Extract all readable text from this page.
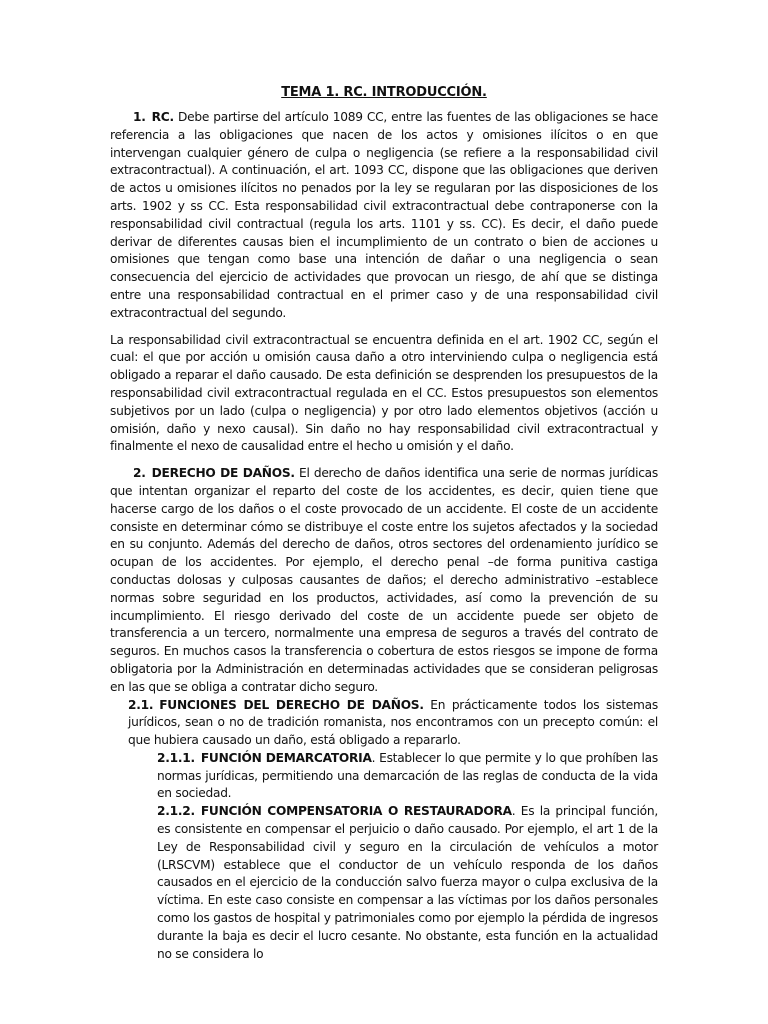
TEMA 1. RC. INTRODUCCIÓN.
1. RC. Debe partirse del artículo 1089 CC, entre las fuentes de las obligaciones se hace referencia a las obligaciones que nacen de los actos y omisiones ilícitos o en que intervengan cualquier género de culpa o negligencia (se refiere a la responsabilidad civil extracontractual). A continuación, el art. 1093 CC, dispone que las obligaciones que deriven de actos u omisiones ilícitos no penados por la ley se regularan por las disposiciones de los arts. 1902 y ss CC. Esta responsabilidad civil extracontractual debe contraponerse con la responsabilidad civil contractual (regula los arts. 1101 y ss. CC). Es decir, el daño puede derivar de diferentes causas bien el incumplimiento de un contrato o bien de acciones u omisiones que tengan como base una intención de dañar o una negligencia o sean consecuencia del ejercicio de actividades que provocan un riesgo, de ahí que se distinga entre una responsabilidad contractual en el primer caso y de una responsabilidad civil extracontractual del segundo.
La responsabilidad civil extracontractual se encuentra definida en el art. 1902 CC, según el cual: el que por acción u omisión causa daño a otro interviniendo culpa o negligencia está obligado a reparar el daño causado. De esta definición se desprenden los presupuestos de la responsabilidad civil extracontractual regulada en el CC. Estos presupuestos son elementos subjetivos por un lado (culpa o negligencia) y por otro lado elementos objetivos (acción u omisión, daño y nexo causal). Sin daño no hay responsabilidad civil extracontractual y finalmente el nexo de causalidad entre el hecho u omisión y el daño.
2. DERECHO DE DAÑOS. El derecho de daños identifica una serie de normas jurídicas que intentan organizar el reparto del coste de los accidentes, es decir, quien tiene que hacerse cargo de los daños o el coste provocado de un accidente. El coste de un accidente consiste en determinar cómo se distribuye el coste entre los sujetos afectados y la sociedad en su conjunto. Además del derecho de daños, otros sectores del ordenamiento jurídico se ocupan de los accidentes. Por ejemplo, el derecho penal –de forma punitiva castiga conductas dolosas y culposas causantes de daños; el derecho administrativo –establece normas sobre seguridad en los productos, actividades, así como la prevención de su incumplimiento. El riesgo derivado del coste de un accidente puede ser objeto de transferencia a un tercero, normalmente una empresa de seguros a través del contrato de seguros. En muchos casos la transferencia o cobertura de estos riesgos se impone de forma obligatoria por la Administración en determinadas actividades que se consideran peligrosas en las que se obliga a contratar dicho seguro.
2.1. FUNCIONES DEL DERECHO DE DAÑOS. En prácticamente todos los sistemas jurídicos, sean o no de tradición romanista, nos encontramos con un precepto común: el que hubiera causado un daño, está obligado a repararlo.
2.1.1. FUNCIÓN DEMARCATORIA. Establecer lo que permite y lo que prohíben las normas jurídicas, permitiendo una demarcación de las reglas de conducta de la vida en sociedad.
2.1.2. FUNCIÓN COMPENSATORIA O RESTAURADORA. Es la principal función, es consistente en compensar el perjuicio o daño causado. Por ejemplo, el art 1 de la Ley de Responsabilidad civil y seguro en la circulación de vehículos a motor (LRSCVM) establece que el conductor de un vehículo responda de los daños causados en el ejercicio de la conducción salvo fuerza mayor o culpa exclusiva de la víctima. En este caso consiste en compensar a las víctimas por los daños personales como los gastos de hospital y patrimoniales como por ejemplo la pérdida de ingresos durante la baja es decir el lucro cesante. No obstante, esta función en la actualidad no se considera lo
